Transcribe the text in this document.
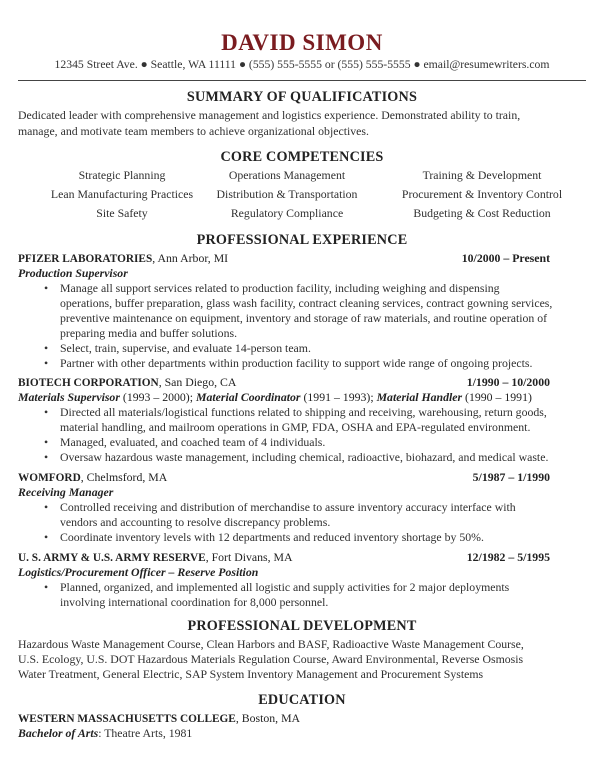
DAVID SIMON
12345 Street Ave. ● Seattle, WA 11111 ● (555) 555-5555 or (555) 555-5555 ● email@resumewriters.com
SUMMARY OF QUALIFICATIONS
Dedicated leader with comprehensive management and logistics experience. Demonstrated ability to train,
manage, and motivate team members to achieve organizational objectives.
CORE COMPETENCIES
Strategic Planning	Operations Management	Training & Development
Lean Manufacturing Practices	Distribution & Transportation	Procurement & Inventory Control
Site Safety	Regulatory Compliance	Budgeting & Cost Reduction
PROFESSIONAL EXPERIENCE
PFIZER LABORATORIES, Ann Arbor, MI	10/2000 – Present
Production Supervisor
• Manage all support services related to production facility, including weighing and dispensing
operations, buffer preparation, glass wash facility, contract cleaning services, contract gowning services,
preventive maintenance on equipment, inventory and storage of raw materials, and routine operation of
preparing media and buffer solutions.
• Select, train, supervise, and evaluate 14-person team.
• Partner with other departments within production facility to support wide range of ongoing projects.
BIOTECH CORPORATION, San Diego, CA	1/1990 – 10/2000
Materials Supervisor (1993 – 2000); Material Coordinator (1991 – 1993); Material Handler (1990 – 1991)
• Directed all materials/logistical functions related to shipping and receiving, warehousing, return goods,
material handling, and mailroom operations in GMP, FDA, OSHA and EPA-regulated environment.
• Managed, evaluated, and coached team of 4 individuals.
• Oversaw hazardous waste management, including chemical, radioactive, biohazard, and medical waste.
WOMFORD, Chelmsford, MA	5/1987 – 1/1990
Receiving Manager
• Controlled receiving and distribution of merchandise to assure inventory accuracy interface with
vendors and accounting to resolve discrepancy problems.
• Coordinate inventory levels with 12 departments and reduced inventory shortage by 50%.
U. S. ARMY & U.S. ARMY RESERVE, Fort Divans, MA	12/1982 – 5/1995
Logistics/Procurement Officer – Reserve Position
• Planned, organized, and implemented all logistic and supply activities for 2 major deployments
involving international coordination for 8,000 personnel.
PROFESSIONAL DEVELOPMENT
Hazardous Waste Management Course, Clean Harbors and BASF, Radioactive Waste Management Course,
U.S. Ecology, U.S. DOT Hazardous Materials Regulation Course, Award Environmental, Reverse Osmosis
Water Treatment, General Electric, SAP System Inventory Management and Procurement Systems
EDUCATION
WESTERN MASSACHUSETTS COLLEGE, Boston, MA
Bachelor of Arts: Theatre Arts, 1981
